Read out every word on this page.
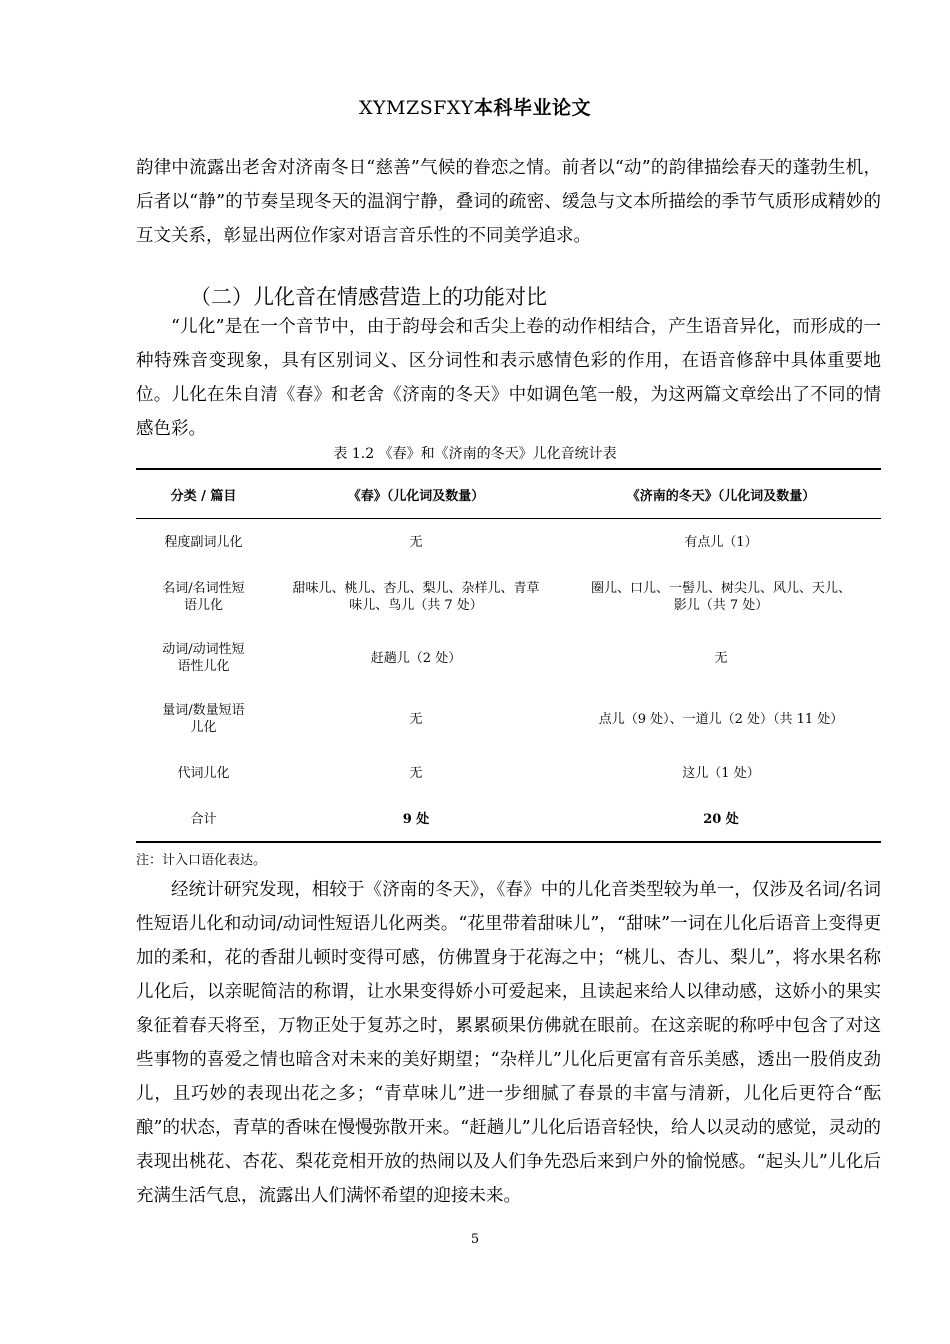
XYMZSFXY本科毕业论文

韵律中流露出老舍对济南冬日“慈善”气候的眷恋之情。前者以“动”的韵律描绘春天的蓬勃生机，后者以“静”的节奏呈现冬天的温润宁静，叠词的疏密、缓急与文本所描绘的季节气质形成精妙的互文关系，彰显出两位作家对语言音乐性的不同美学追求。

（二）儿化音在情感营造上的功能对比

“儿化”是在一个音节中，由于韵母会和舌尖上卷的动作相结合，产生语音异化，而形成的一种特殊音变现象，具有区别词义、区分词性和表示感情色彩的作用，在语音修辞中具体重要地位。儿化在朱自清《春》和老舍《济南的冬天》中如调色笔一般，为这两篇文章绘出了不同的情感色彩。

表 1.2 《春》和《济南的冬天》儿化音统计表
分类 / 篇目	《春》（儿化词及数量）	《济南的冬天》（儿化词及数量）
程度副词儿化	无	有点儿（1）

名词/名词性短语儿化	甜味儿、桃儿、杏儿、梨儿、杂样儿、青草味儿、鸟儿（共 7 处）	圈儿、口儿、一髻儿、树尖儿、风儿、天儿、影儿（共 7 处）

动词/动词性短语性儿化	赶趟儿（2 处）	无

量词/数量短语儿化	无	点儿（9 处）、一道儿（2 处）（共 11 处）

代词儿化	无	这儿（1 处）
合计	9 处	20 处
注：计入口语化表达。

经统计研究发现，相较于《济南的冬天》，《春》中的儿化音类型较为单一，仅涉及名词/名词性短语儿化和动词/动词性短语儿化两类。“花里带着甜味儿”，“甜味”一词在儿化后语音上变得更加的柔和，花的香甜儿顿时变得可感，仿佛置身于花海之中；“桃儿、杏儿、梨儿”，将水果名称儿化后，以亲昵简洁的称谓，让水果变得娇小可爱起来，且读起来给人以律动感，这娇小的果实象征着春天将至，万物正处于复苏之时，累累硕果仿佛就在眼前。在这亲昵的称呼中包含了对这些事物的喜爱之情也暗含对未来的美好期望；“杂样儿”儿化后更富有音乐美感，透出一股俏皮劲儿，且巧妙的表现出花之多；“青草味儿”进一步细腻了春景的丰富与清新，儿化后更符合“酝酿”的状态，青草的香味在慢慢弥散开来。“赶趟儿”儿化后语音轻快，给人以灵动的感觉，灵动的表现出桃花、杏花、梨花竞相开放的热闹以及人们争先恐后来到户外的愉悦感。“起头儿”儿化后充满生活气息，流露出人们满怀希望的迎接未来。

5
